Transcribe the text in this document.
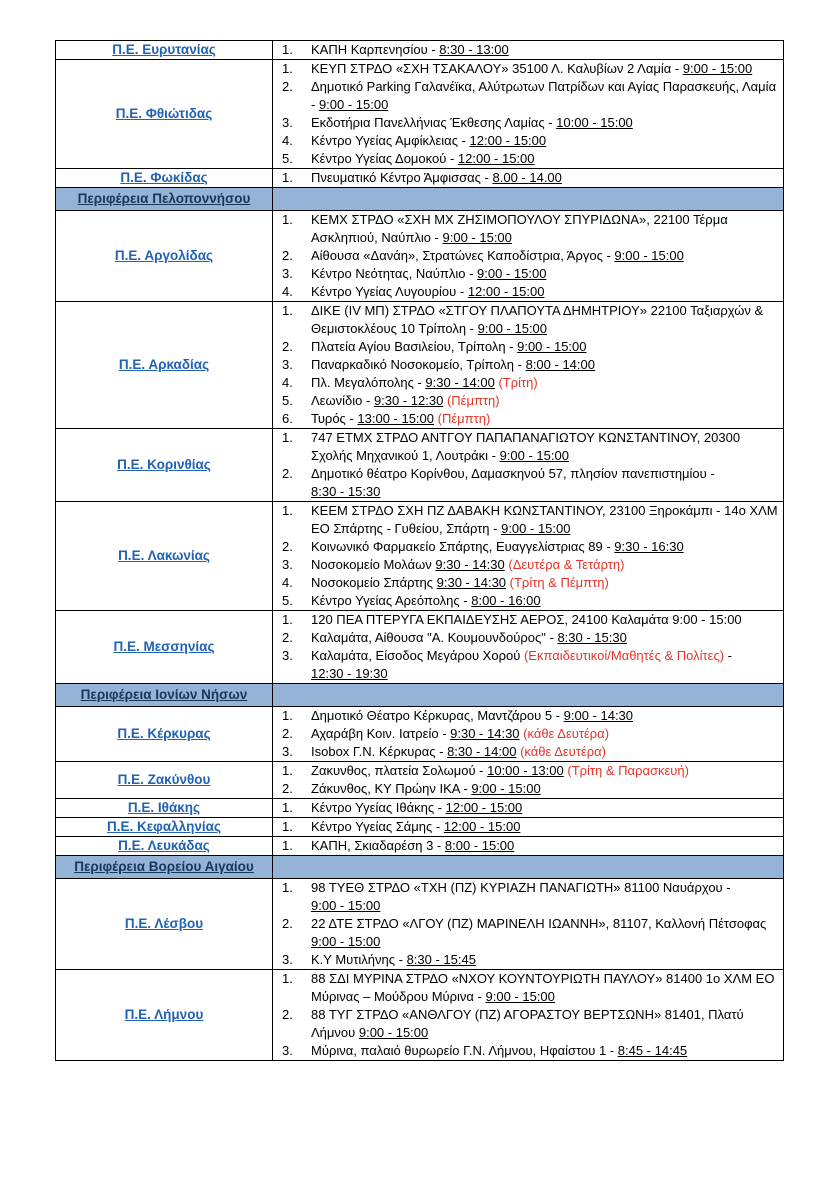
Π.Ε. Ευρυτανίας	1. ΚΑΠΗ Καρπενησίου - 8:30 - 13:00

Π.Ε. Φθιώτιδας	
1.	ΚΕΥΠ ΣΤΡΔΟ «ΣΧΗ ΤΣΑΚΑΛΟΥ» 35100 Λ. Καλυβίων 2 Λαμία - 9:00 - 15:00
2.	Δημοτικό Parking Γαλανέϊκα, Αλύτρωτων Πατρίδων και Αγίας Παρασκευής, Λαμία - 9:00 - 15:00
3.	Εκδοτήρια Πανελλήνιας Έκθεσης Λαμίας - 10:00 - 15:00
4.	Κέντρο Υγείας Αμφίκλειας - 12:00 - 15:00
5.	Κέντρο Υγείας Δομοκού - 12:00 - 15:00

Π.Ε. Φωκίδας	1. Πνευματικό Κέντρο Άμφισσας - 8.00 - 14.00

Περιφέρεια Πελοποννήσου	
Π.Ε. Αργολίδας	
1.	ΚΕΜΧ ΣΤΡΔΟ «ΣΧΗ ΜΧ ΖΗΣΙΜΟΠΟΥΛΟΥ ΣΠΥΡΙΔΩΝΑ», 22100 Τέρμα Ασκληπιού, Ναύπλιο - 9:00 - 15:00
2.	Αίθουσα «Δανάη», Στρατώνες Καποδίστρια, Άργος - 9:00 - 15:00
3.	Κέντρο Νεότητας, Ναύπλιο - 9:00 - 15:00
4.	Κέντρο Υγείας Λυγουρίου - 12:00 - 15:00

Π.Ε. Αρκαδίας	
1.	ΔΙΚΕ (IV ΜΠ) ΣΤΡΔΟ «ΣΤΓΟΥ ΠΛΑΠΟΥΤΑ ΔΗΜΗΤΡΙΟΥ» 22100 Ταξιαρχών & Θεμιστοκλέους 10 Τρίπολη - 9:00 - 15:00
2.	Πλατεία Αγίου Βασιλείου, Τρίπολη - 9:00 - 15:00
3.	Παναρκαδικό Νοσοκομείο, Τρίπολη - 8:00 - 14:00
4.	Πλ. Μεγαλόπολης - 9:30 - 14:00 (Τρίτη)
5.	Λεωνίδιο - 9:30 - 12:30 (Πέμπτη)
6.	Τυρός - 13:00 - 15:00 (Πέμπτη)

Π.Ε. Κορινθίας	1. 747 ΕΤΜΧ ΣΤΡΔΟ ΑΝΤΓΟΥ ΠΑΠΑΠΑΝΑΓΙΩΤΟΥ ΚΩΝΣΤΑΝΤΙΝΟΥ, 20300 Σχολής Μηχανικού 1, Λουτράκι - 9:00 - 15:00
2. Δημοτικό θέατρο Κορίνθου, Δαμασκηνού 57, πλησίον πανεπιστημίου - 8:30 - 15:30

Π.Ε. Λακωνίας	
1.	ΚΕΕΜ ΣΤΡΔΟ ΣΧΗ ΠΖ ΔΑΒΑΚΗ ΚΩΝΣΤΑΝΤΙΝΟΥ, 23100 Ξηροκάμπι - 14ο ΧΛΜ ΕΟ Σπάρτης - Γυθείου, Σπάρτη - 9:00 - 15:00
2.	Κοινωνικό Φαρμακείο Σπάρτης, Ευαγγελίστριας 89 - 9:30 - 16:30
3.	Νοσοκομείο Μολάων 9:30 - 14:30 (Δευτέρα & Τετάρτη)
4.	Νοσοκομείο Σπάρτης 9:30 - 14:30 (Τρίτη & Πέμπτη)
5.	Κέντρο Υγείας Αρεόπολης - 8:00 - 16:00

Π.Ε. Μεσσηνίας	
1.	120 ΠΕΑ ΠΤΕΡΥΓΑ ΕΚΠΑΙΔΕΥΣΗΣ ΑΕΡΟΣ, 24100 Καλαμάτα 9:00 - 15:00
2.	Καλαμάτα, Αίθουσα "Α. Κουμουνδούρος" - 8:30 - 15:30
3.	Καλαμάτα, Είσοδος Μεγάρου Χορού (Εκπαιδευτικοί/Μαθητές & Πολίτες) - 12:30 - 19:30

Περιφέρεια Ιονίων Νήσων	
Π.Ε. Κέρκυρας	
1.	Δημοτικό Θέατρο Κέρκυρας, Μαντζάρου 5 - 9:00 - 14:30
2.	Αχαράβη Κοιν. Ιατρείο - 9:30 - 14:30 (κάθε Δευτέρα)
3.	Isobox Γ.Ν. Κέρκυρας - 8:30 - 14:00 (κάθε Δευτέρα)

Π.Ε. Ζακύνθου	1. Ζακυνθος, πλατεία Σολωμού - 10:00 - 13:00 (Τρίτη & Παρασκευή)
2. Ζάκυνθος, ΚΥ Πρώην ΙΚΑ - 9:00 - 15:00

Π.Ε. Ιθάκης	1. Κέντρο Υγείας Ιθάκης - 12:00 - 15:00

Π.Ε. Κεφαλληνίας	1. Κέντρο Υγείας Σάμης - 12:00 - 15:00

Π.Ε. Λευκάδας	1. ΚΑΠΗ, Σκιαδαρέση 3 - 8:00 - 15:00

Περιφέρεια Βορείου Αιγαίου	
Π.Ε. Λέσβου	
1.	98 ΤΥΕΘ ΣΤΡΔΟ «ΤΧΗ (ΠΖ) ΚΥΡΙΑΖΗ ΠΑΝΑΓΙΩΤΗ» 81100 Ναυάρχου - 9:00 - 15:00
2.	22 ΔΤΕ ΣΤΡΔΟ «ΛΓΟΥ (ΠΖ) ΜΑΡΙΝΕΛΗ ΙΩΑΝΝΗ», 81107, Καλλονή Πέτσοφας 9:00 - 15:00
3.	Κ.Υ Μυτιλήνης - 8:30 - 15:45

Π.Ε. Λήμνου	
1.	88 ΣΔΙ ΜΥΡΙΝΑ ΣΤΡΔΟ «ΝΧΟΥ ΚΟΥΝΤΟΥΡΙΩΤΗ ΠΑΥΛΟΥ» 81400 1ο ΧΛΜ ΕΟ Μύρινας – Μούδρου Μύρινα - 9:00 - 15:00
2.	88 ΤΥΓ ΣΤΡΔΟ «ΑΝΘΛΓΟΥ (ΠΖ) ΑΓΟΡΑΣΤΟΥ ΒΕΡΤΣΩΝΗ» 81401, Πλατύ Λήμνου 9:00 - 15:00
3.	Μύρινα, παλαιό θυρωρείο Γ.Ν. Λήμνου, Ηφαίστου 1 - 8:45 - 14:45
